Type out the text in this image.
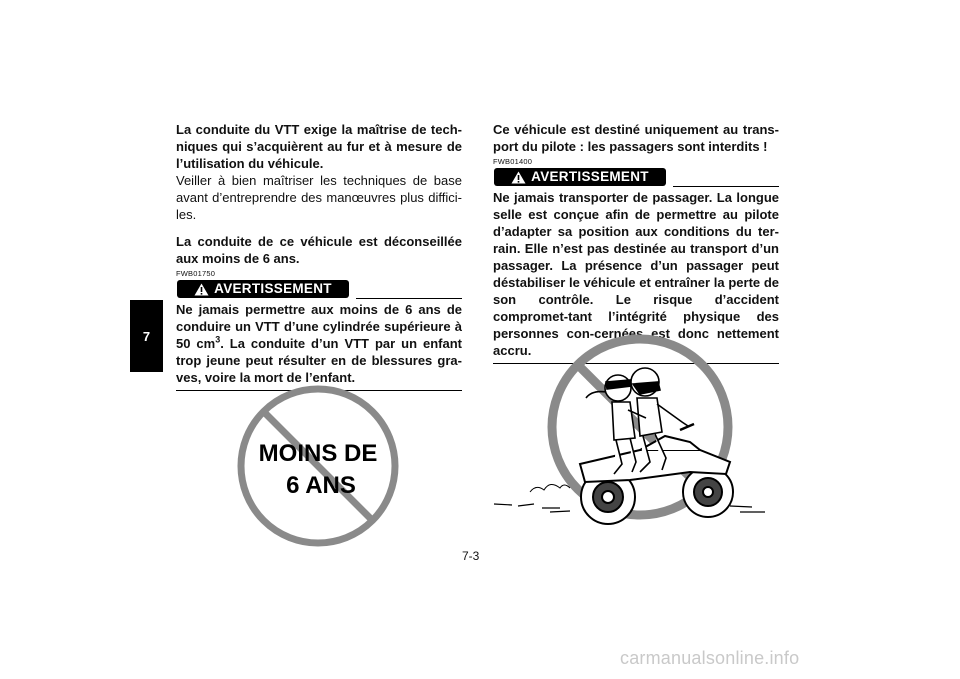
7

La conduite du VTT exige la maîtrise de tech-niques qui s’acquièrent au fur et à mesure de l’utilisation du véhicule.

Veiller à bien maîtriser les techniques de base avant d’entreprendre des manœuvres plus diffici-les.

La conduite de ce véhicule est déconseillée aux moins de 6 ans.

FWB01750
AVERTISSEMENT

Ne jamais permettre aux moins de 6 ans de conduire un VTT d’une cylindrée supérieure à 50 $cm^3$. La conduite d’un VTT par un enfant trop jeune peut résulter en de blessures gra-ves, voire la mort de l’enfant.

Ce véhicule est destiné uniquement au trans-port du pilote : les passagers sont interdits !

FWB01400
AVERTISSEMENT

Ne jamais transporter de passager. La longue selle est conçue afin de permettre au pilote d’adapter sa position aux conditions du ter-rain. Elle n’est pas destinée au transport d’un passager. La présence d’un passager peut déstabiliser le véhicule et entraîner la perte de son contrôle. Le risque d’accident compromet-tant l’intégrité physique des personnes con-cernées est donc nettement accru.

MOINS DE
6 ANS
7-3
carmanualsonline.info
